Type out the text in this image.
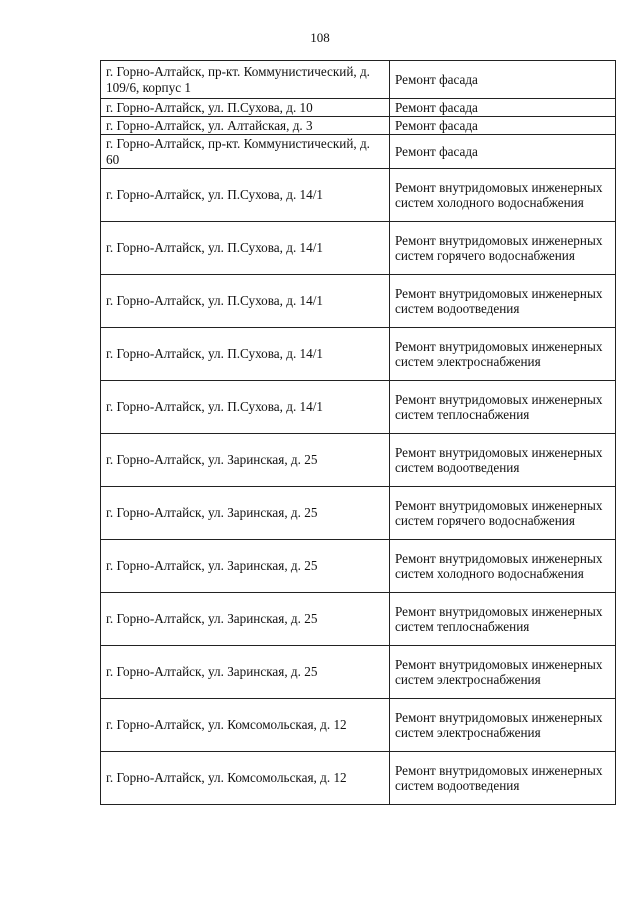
108
г. Горно-Алтайск, пр-кт. Коммунистический, д. 109/6, корпус 1	Ремонт фасада
г. Горно-Алтайск, ул. П.Сухова, д. 10	Ремонт фасада
г. Горно-Алтайск, ул. Алтайская, д. 3	Ремонт фасада
г. Горно-Алтайск, пр-кт. Коммунистический, д. 60	Ремонт фасада
г. Горно-Алтайск, ул. П.Сухова, д. 14/1	Ремонт внутридомовых инженерных систем холодного водоснабжения
г. Горно-Алтайск, ул. П.Сухова, д. 14/1	Ремонт внутридомовых инженерных систем горячего водоснабжения
г. Горно-Алтайск, ул. П.Сухова, д. 14/1	Ремонт внутридомовых инженерных систем водоотведения
г. Горно-Алтайск, ул. П.Сухова, д. 14/1	Ремонт внутридомовых инженерных систем электроснабжения
г. Горно-Алтайск, ул. П.Сухова, д. 14/1	Ремонт внутридомовых инженерных систем теплоснабжения
г. Горно-Алтайск, ул. Заринская, д. 25	Ремонт внутридомовых инженерных систем водоотведения
г. Горно-Алтайск, ул. Заринская, д. 25	Ремонт внутридомовых инженерных систем горячего водоснабжения
г. Горно-Алтайск, ул. Заринская, д. 25	Ремонт внутридомовых инженерных систем холодного водоснабжения
г. Горно-Алтайск, ул. Заринская, д. 25	Ремонт внутридомовых инженерных систем теплоснабжения
г. Горно-Алтайск, ул. Заринская, д. 25	Ремонт внутридомовых инженерных систем электроснабжения
г. Горно-Алтайск, ул. Комсомольская, д. 12	Ремонт внутридомовых инженерных систем электроснабжения
г. Горно-Алтайск, ул. Комсомольская, д. 12	Ремонт внутридомовых инженерных систем водоотведения
